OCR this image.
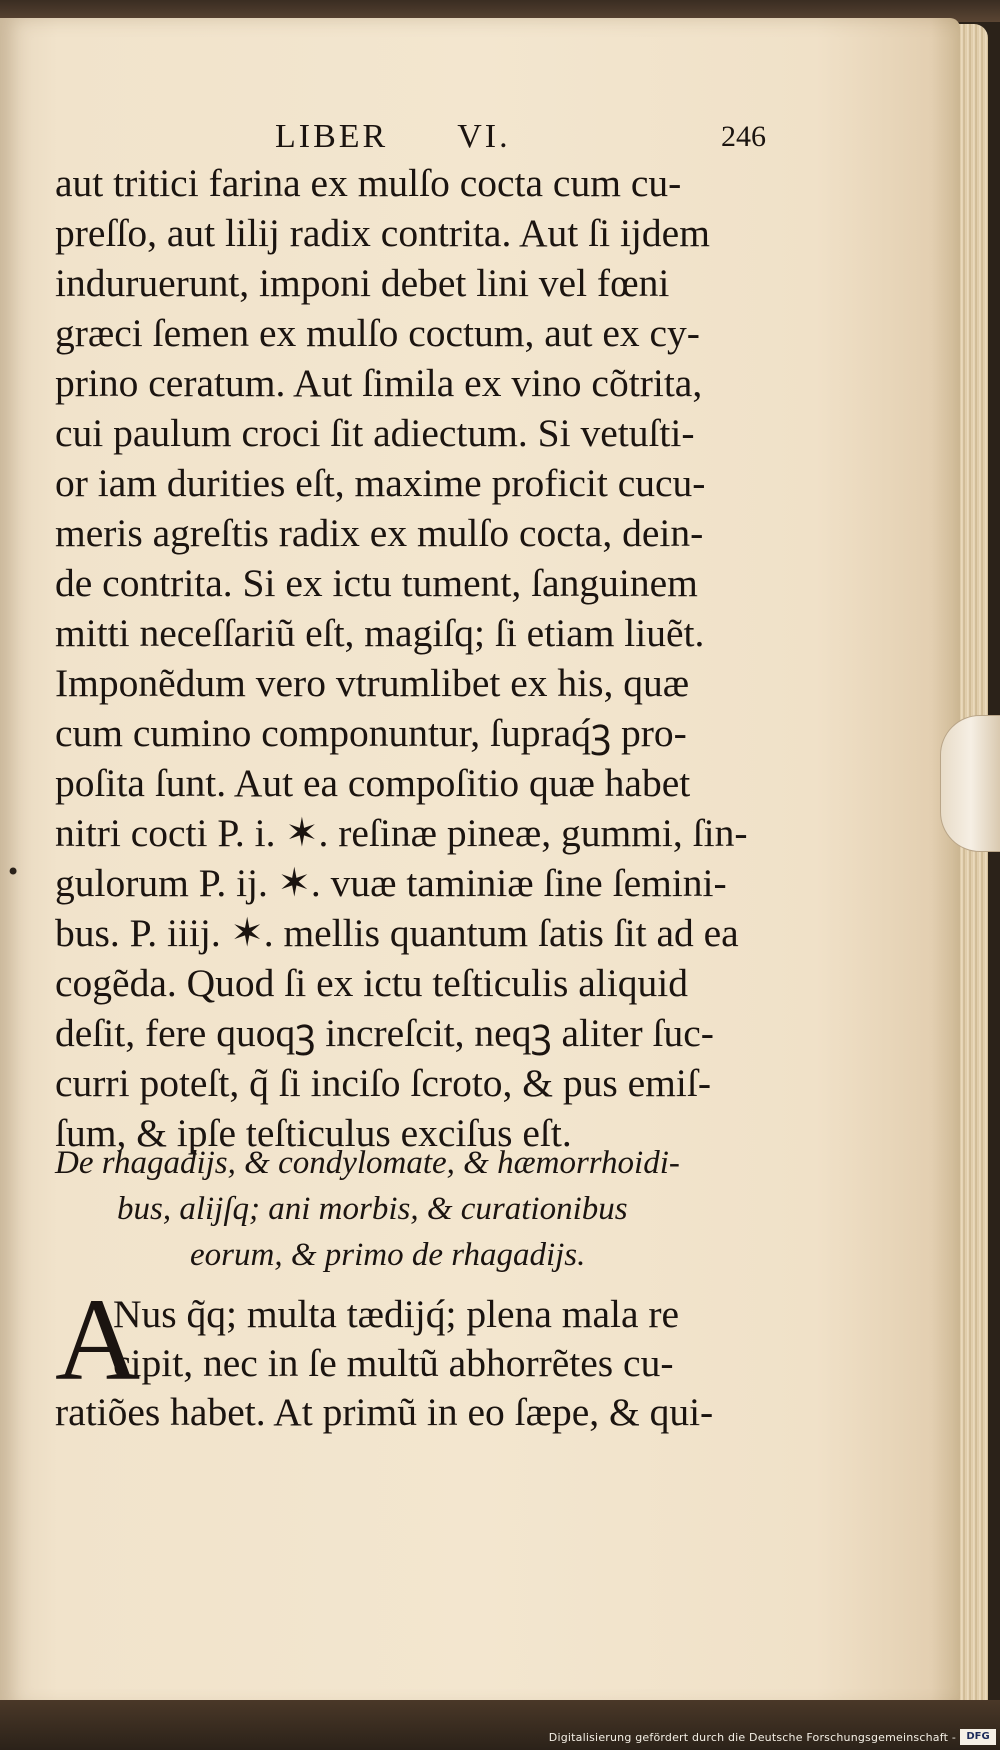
LIBER VI.	246
aut tritici farina ex mulſo cocta cum cu-
preſſo, aut lilij radix contrita. Aut ſi ijdem
induruerunt, imponi debet lini vel fœni
græci ſemen ex mulſo coctum, aut ex cy-
prino ceratum. Aut ſimila ex vino cõtrita,
cui paulum croci ſit adiectum. Si vetuſti-
or iam durities eſt, maxime proficit cucu-
meris agreſtis radix ex mulſo cocta, dein-
de contrita. Si ex ictu tument, ſanguinem
mitti neceſſariũ eſt, magiſq; ſi etiam liuẽt.
Imponẽdum vero vtrumlibet ex his, quæ
cum cumino componuntur, ſupraq́ꝫ pro-
poſita ſunt. Aut ea compoſitio quæ habet
nitri cocti P. i. ✶. reſinæ pineæ, gummi, ſin-
gulorum P. ij. ✶. vuæ taminiæ ſine ſemini-
bus. P. iiij. ✶. mellis quantum ſatis ſit ad ea
cogẽda. Quod ſi ex ictu teſticulis aliquid
deſit, fere quoqꝫ increſcit, neqꝫ aliter ſuc-
curri poteſt, q̃ ſi inciſo ſcroto, & pus emiſ-
ſum, & ipſe teſticulus exciſus eſt.
•
De rhagadijs, & condylomate, & hæmorrhoidi-
bus, alijſq; ani morbis, & curationibus
eorum, & primo de rhagadijs.
A
Nus q̃q; multa tædijq́; plena mala re
cipit, nec in ſe multũ abhorrẽtes cu-
ratiões habet. At primũ in eo ſæpe, & qui-
Digitalisierung gefördert durch die Deutsche Forschungsgemeinschaft -	DFG
